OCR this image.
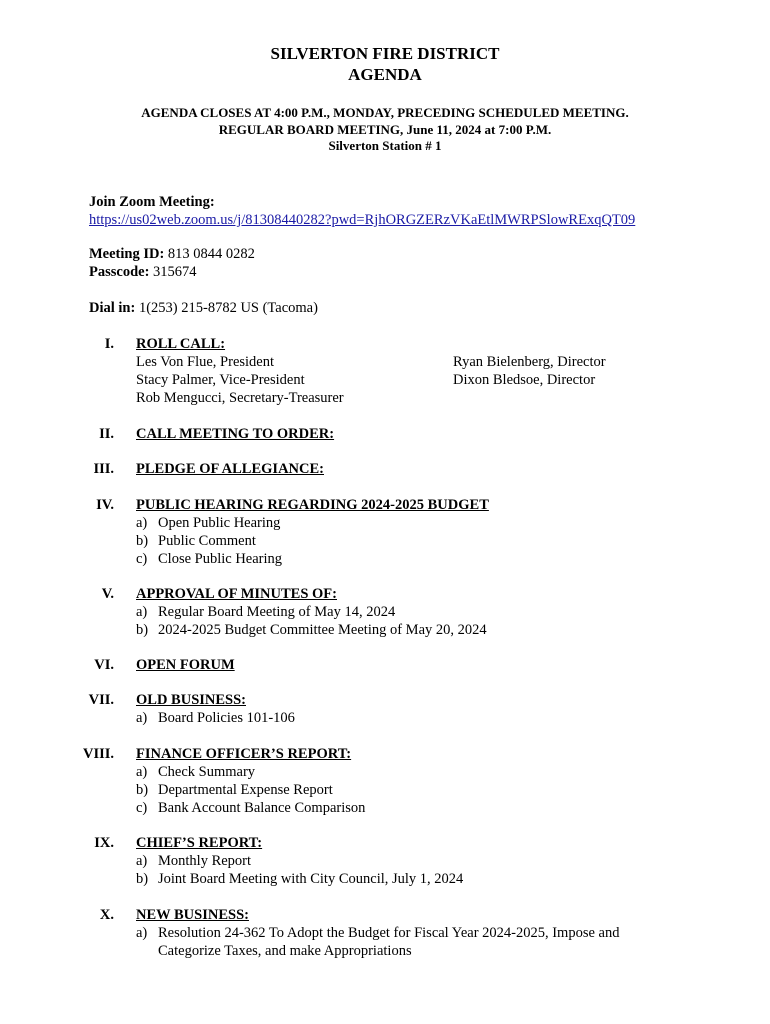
SILVERTON FIRE DISTRICT
AGENDA
AGENDA CLOSES AT 4:00 P.M., MONDAY, PRECEDING SCHEDULED MEETING.
REGULAR BOARD MEETING, June 11, 2024 at 7:00 P.M.
Silverton Station # 1
Join Zoom Meeting:
https://us02web.zoom.us/j/81308440282?pwd=RjhORGZERzVKaEtlMWRPSlowRExqQT09
Meeting ID: 813 0844 0282
Passcode: 315674
Dial in: 1(253) 215-8782 US (Tacoma)
I. ROLL CALL:
Les Von Flue, President
Stacy Palmer, Vice-President
Rob Mengucci, Secretary-Treasurer
Ryan Bielenberg, Director
Dixon Bledsoe, Director
II. CALL MEETING TO ORDER:
III. PLEDGE OF ALLEGIANCE:
IV. PUBLIC HEARING REGARDING 2024-2025 BUDGET
a) Open Public Hearing
b) Public Comment
c) Close Public Hearing
V. APPROVAL OF MINUTES OF:
a) Regular Board Meeting of May 14, 2024
b) 2024-2025 Budget Committee Meeting of May 20, 2024
VI. OPEN FORUM
VII. OLD BUSINESS:
a) Board Policies 101-106
VIII. FINANCE OFFICER’S REPORT:
a) Check Summary
b) Departmental Expense Report
c) Bank Account Balance Comparison
IX. CHIEF’S REPORT:
a) Monthly Report
b) Joint Board Meeting with City Council, July 1, 2024
X. NEW BUSINESS:
a) Resolution 24-362 To Adopt the Budget for Fiscal Year 2024-2025, Impose and Categorize Taxes, and make Appropriations
